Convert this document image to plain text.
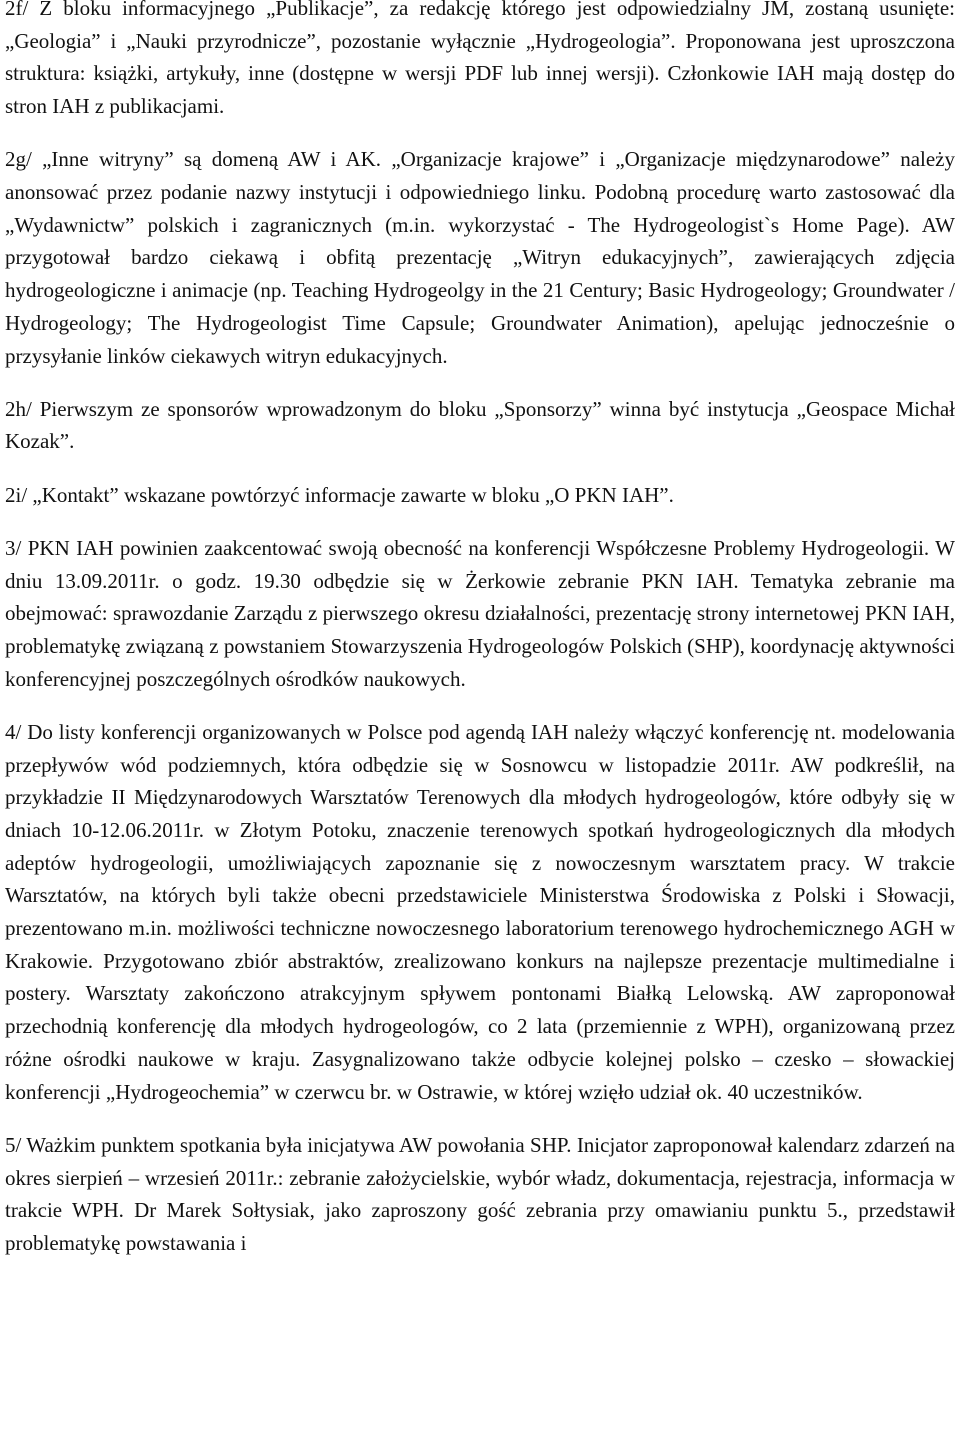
2f/ Z bloku informacyjnego „Publikacje”, za redakcję którego jest odpowiedzialny JM, zostaną usunięte: „Geologia” i „Nauki przyrodnicze”, pozostanie wyłącznie „Hydrogeologia”. Proponowana jest uproszczona struktura: książki, artykuły, inne (dostępne w wersji PDF lub innej wersji). Członkowie IAH mają dostęp do stron IAH z publikacjami.

2g/ „Inne witryny” są domeną AW i AK. „Organizacje krajowe” i „Organizacje międzynarodowe” należy anonsować przez podanie nazwy instytucji i odpowiedniego linku. Podobną procedurę warto zastosować dla „Wydawnictw” polskich i zagranicznych (m.in. wykorzystać - The Hydrogeologist`s Home Page). AW przygotował bardzo ciekawą i obfitą prezentację „Witryn edukacyjnych”, zawierających zdjęcia hydrogeologiczne i animacje (np. Teaching Hydrogeolgy in the 21 Century; Basic Hydrogeology; Groundwater / Hydrogeology; The Hydrogeologist Time Capsule; Groundwater Animation), apelując jednocześnie o przysyłanie linków ciekawych witryn edukacyjnych.

2h/ Pierwszym ze sponsorów wprowadzonym do bloku „Sponsorzy” winna być instytucja „Geospace Michał Kozak”.

2i/ „Kontakt” wskazane powtórzyć informacje zawarte w bloku „O PKN IAH”.

3/ PKN IAH powinien zaakcentować swoją obecność na konferencji Współczesne Problemy Hydrogeologii. W dniu 13.09.2011r. o godz. 19.30 odbędzie się w Żerkowie zebranie PKN IAH. Tematyka zebranie ma obejmować: sprawozdanie Zarządu z pierwszego okresu działalności, prezentację strony internetowej PKN IAH, problematykę związaną z powstaniem Stowarzyszenia Hydrogeologów Polskich (SHP), koordynację aktywności konferencyjnej poszczególnych ośrodków naukowych.

4/ Do listy konferencji organizowanych w Polsce pod agendą IAH należy włączyć konferencję nt. modelowania przepływów wód podziemnych, która odbędzie się w Sosnowcu w listopadzie 2011r. AW podkreślił, na przykładzie II Międzynarodowych Warsztatów Terenowych dla młodych hydrogeologów, które odbyły się w dniach 10-12.06.2011r. w Złotym Potoku, znaczenie terenowych spotkań hydrogeologicznych dla młodych adeptów hydrogeologii, umożliwiających zapoznanie się z nowoczesnym warsztatem pracy. W trakcie Warsztatów, na których byli także obecni przedstawiciele Ministerstwa Środowiska z Polski i Słowacji, prezentowano m.in. możliwości techniczne nowoczesnego laboratorium terenowego hydrochemicznego AGH w Krakowie. Przygotowano zbiór abstraktów, zrealizowano konkurs na najlepsze prezentacje multimedialne i postery. Warsztaty zakończono atrakcyjnym spływem pontonami Białką Lelowską. AW zaproponował przechodnią konferencję dla młodych hydrogeologów, co 2 lata (przemiennie z WPH), organizowaną przez różne ośrodki naukowe w kraju. Zasygnalizowano także odbycie kolejnej polsko – czesko – słowackiej konferencji „Hydrogeochemia” w czerwcu br. w Ostrawie, w której wzięło udział ok. 40 uczestników.

5/ Ważkim punktem spotkania była inicjatywa AW powołania SHP. Inicjator zaproponował kalendarz zdarzeń na okres sierpień – wrzesień 2011r.: zebranie założycielskie, wybór władz, dokumentacja, rejestracja, informacja w trakcie WPH. Dr Marek Sołtysiak, jako zaproszony gość zebrania przy omawianiu punktu 5., przedstawił problematykę powstawania i
